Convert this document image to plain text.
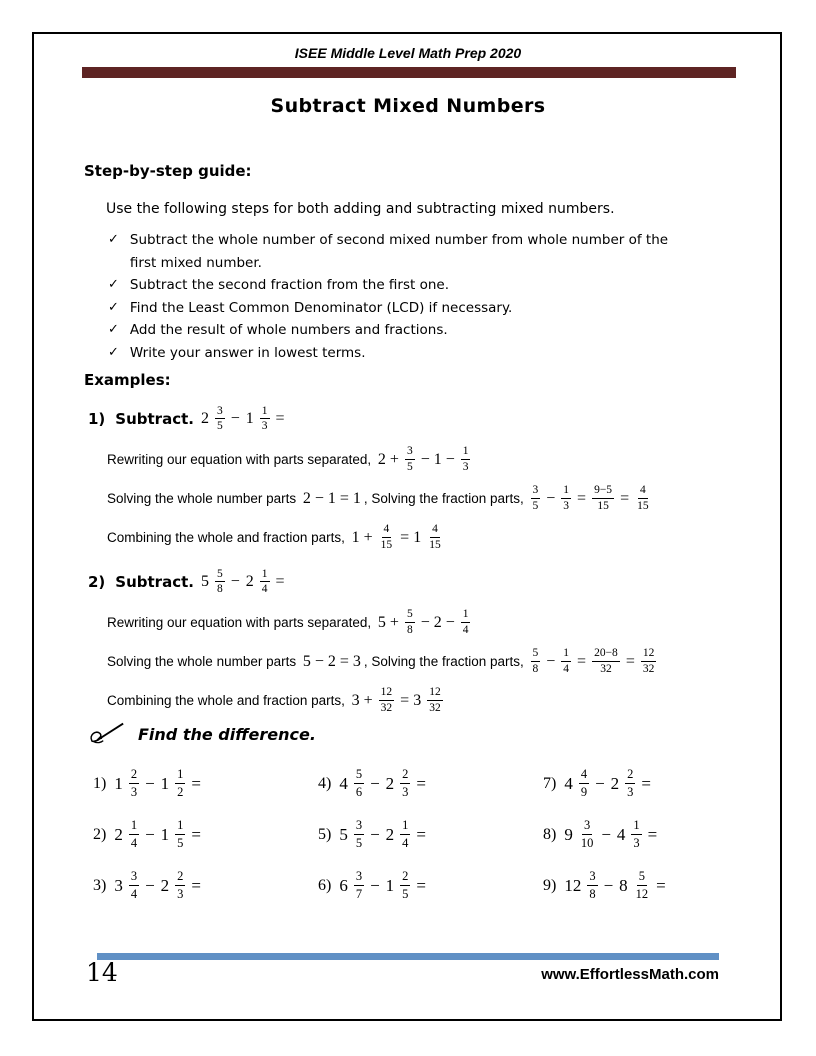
ISEE Middle Level Math Prep 2020
Subtract Mixed Numbers
Step-by-step guide:
Use the following steps for both adding and subtracting mixed numbers.
✓ Subtract the whole number of second mixed number from whole number of the first mixed number.
✓ Subtract the second fraction from the first one.
✓ Find the Least Common Denominator (LCD) if necessary.
✓ Add the result of whole numbers and fractions.
✓ Write your answer in lowest terms.
Examples:
1) Subtract. $2 \frac{3}{5} - 1 \frac{1}{3}$ =
Rewriting our equation with parts separated, $2 + \frac{3}{5} - 1 - \frac{1}{3}$
Solving the whole number parts 2 − 1 = 1 , Solving the fraction parts, $\frac{3}{5} - \frac{1}{3} = \frac{9-5}{15} = \frac{4}{15}$
Combining the whole and fraction parts, $1 + \frac{4}{15} = 1 \frac{4}{15}$
2) Subtract. $5 \frac{5}{8} - 2 \frac{1}{4}$ =
Rewriting our equation with parts separated, $5 + \frac{5}{8} - 2 - \frac{1}{4}$
Solving the whole number parts 5 − 2 = 3 , Solving the fraction parts, $\frac{5}{8} - \frac{1}{4} = \frac{20-8}{32} = \frac{12}{32}$
Combining the whole and fraction parts, $3 + \frac{12}{32} = 3 \frac{12}{32}$
Find the difference.
1) $1 \frac{2}{3} - 1 \frac{1}{2}$ =
2) $2 \frac{1}{4} - 1 \frac{1}{5}$ =
3) $3 \frac{3}{4} - 2 \frac{2}{3}$ =
4) $4 \frac{5}{6} - 2 \frac{2}{3}$ =
5) $5 \frac{3}{5} - 2 \frac{1}{4}$ =
6) $6 \frac{3}{7} - 1 \frac{2}{5}$ =
7) $4 \frac{4}{9} - 2 \frac{2}{3}$ =
8) $9 \frac{3}{10} - 4 \frac{1}{3}$ =
9) $12 \frac{3}{8} - 8 \frac{5}{12}$ =
14	www.EffortlessMath.com
